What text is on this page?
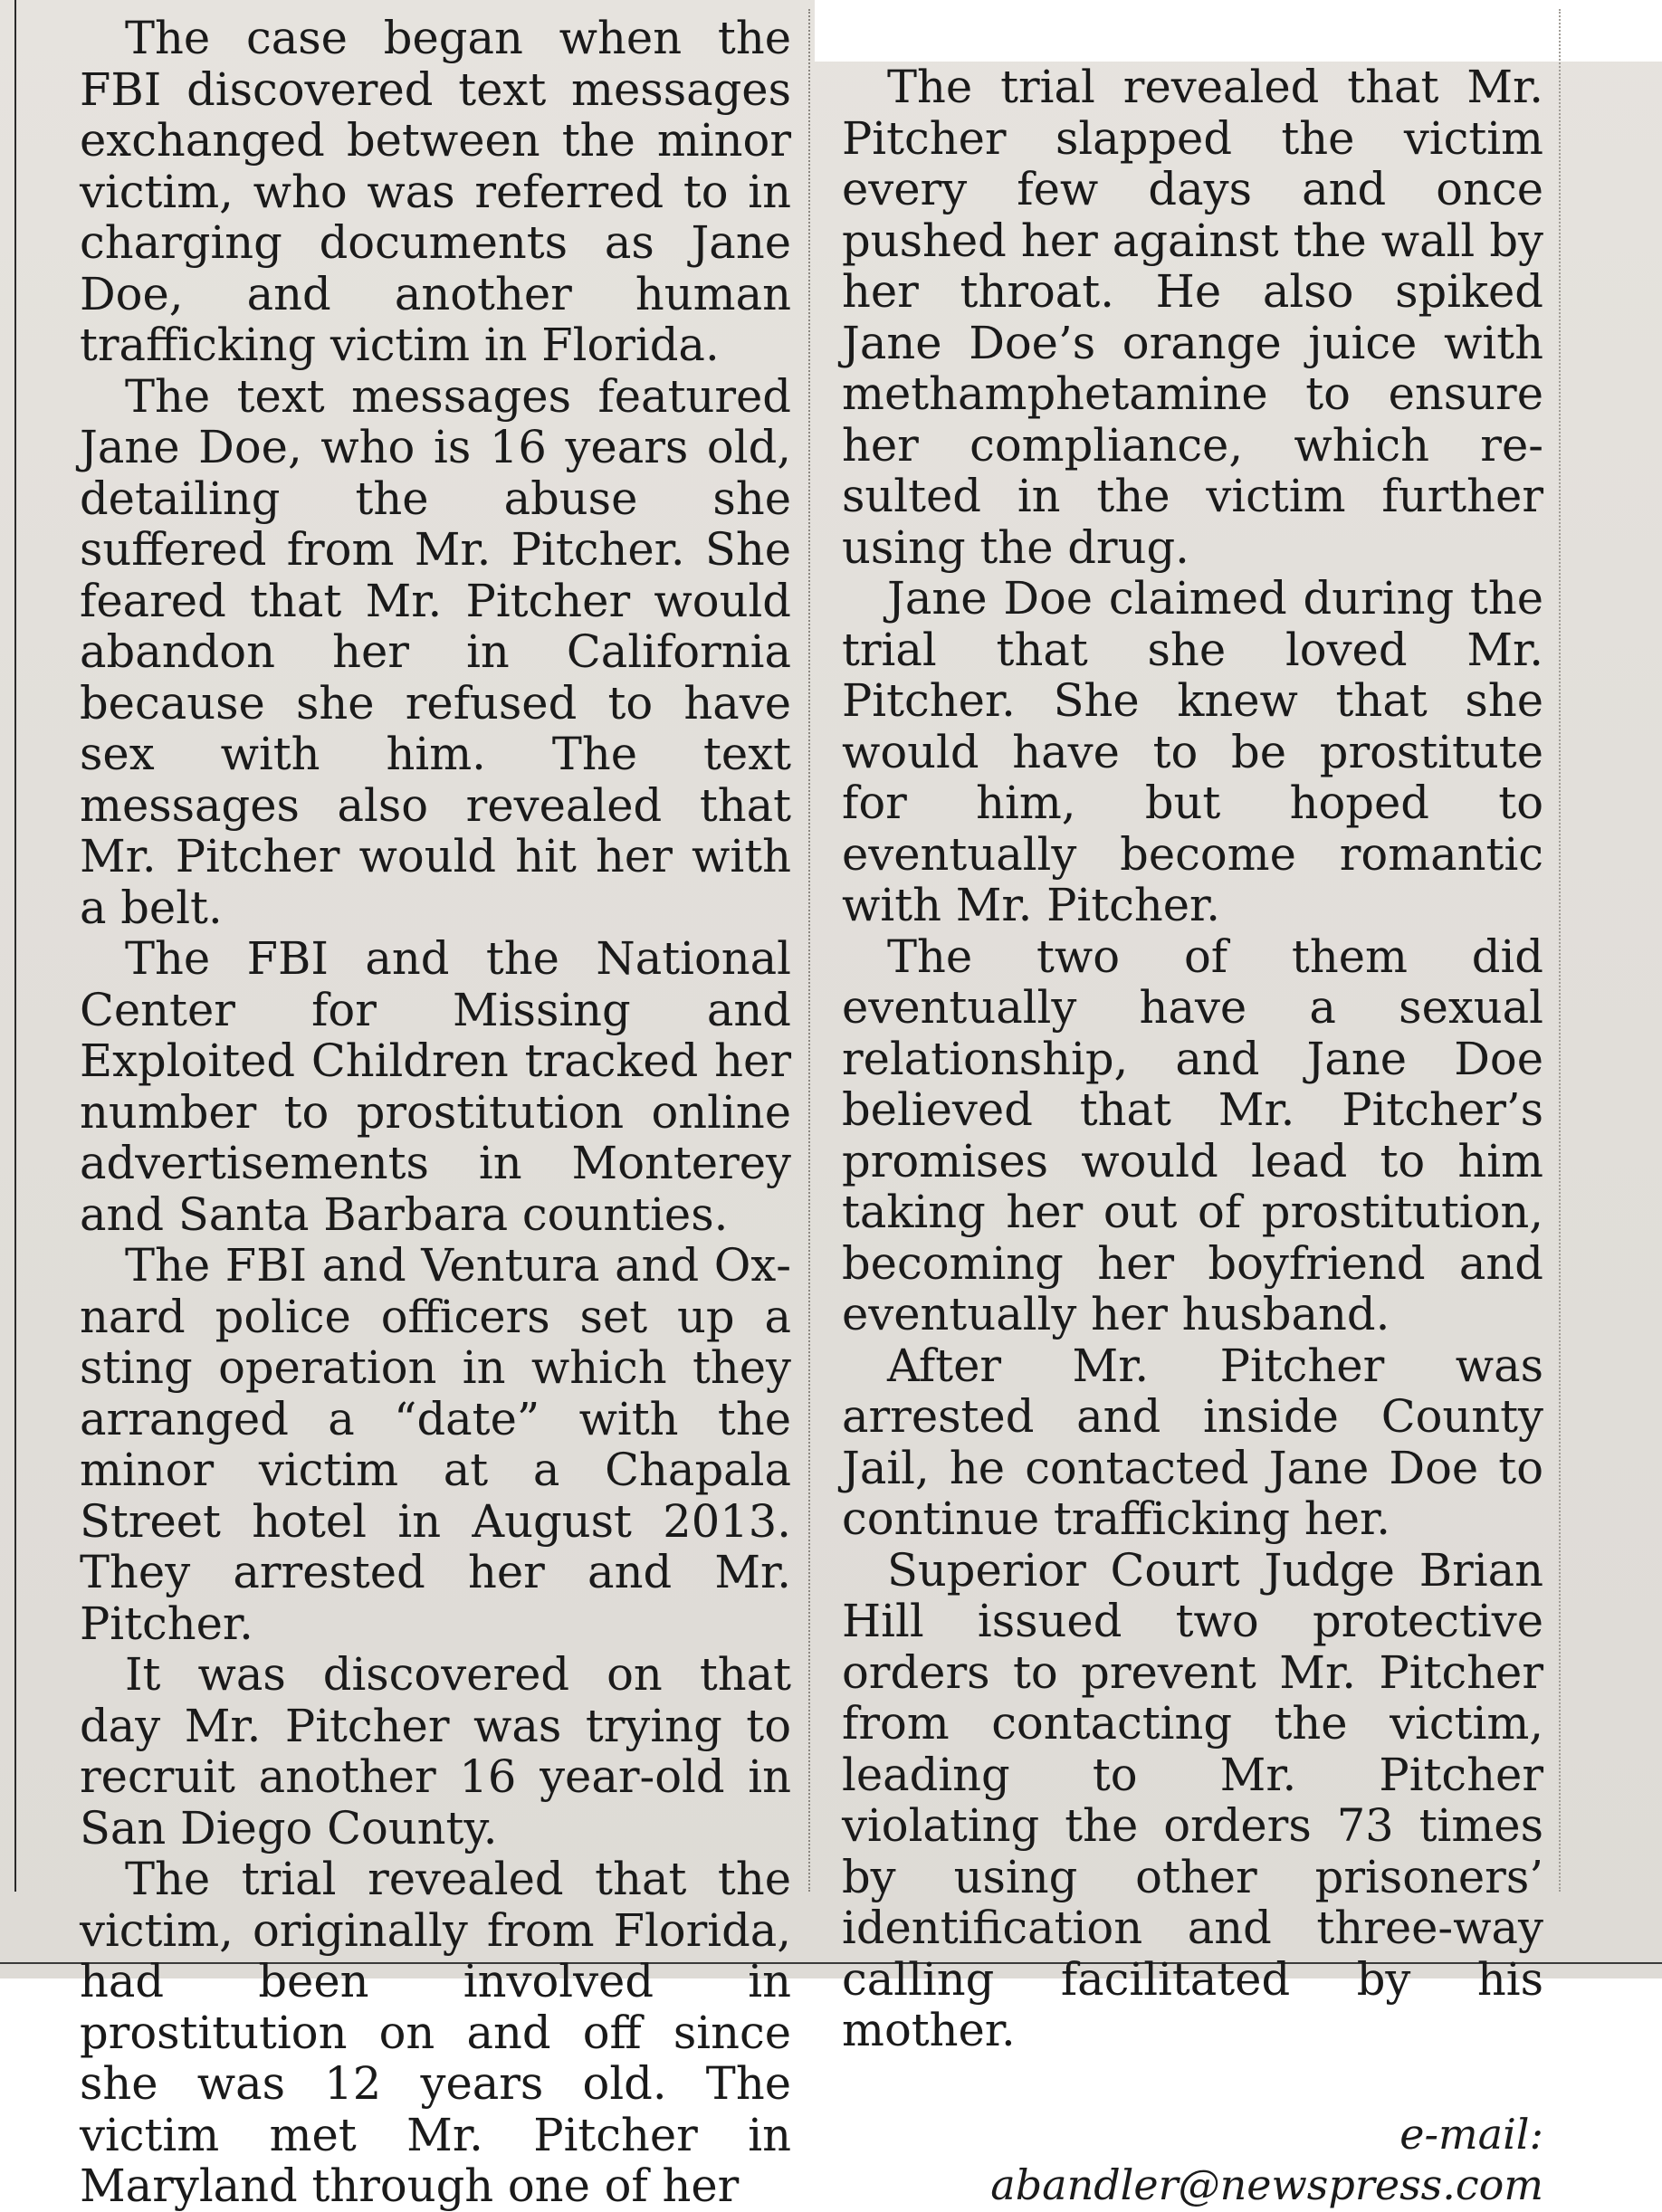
The case began when the FBI discovered text messages exchanged between the minor victim, who was referred to in charging documents as Jane Doe, and another human trafficking victim in Florida.

The text messages featured Jane Doe, who is 16 years old, detailing the abuse she suffered from Mr. Pitcher. She feared that Mr. Pitcher would abandon her in California because she refused to have sex with him. The text messages also revealed that Mr. Pitcher would hit her with a belt.

The FBI and the National Center for Missing and Exploited Children tracked her number to prostitution online advertisements in Monterey and Santa Barbara counties.

The FBI and Ventura and Oxnard police officers set up a sting operation in which they arranged a “date” with the minor victim at a Chapala Street hotel in August 2013. They arrested her and Mr. Pitcher.

It was discovered on that day Mr. Pitcher was trying to recruit another 16 year-old in San Diego County.

The trial revealed that the victim, originally from Florida, had been involved in prostitution on and off since she was 12 years old. The victim met Mr. Pitcher in Maryland through one of her

The trial revealed that Mr. Pitcher slapped the victim every few days and once pushed her against the wall by her throat. He also spiked Jane Doe’s orange juice with methamphetamine to ensure her compliance, which resulted in the victim further using the drug.

Jane Doe claimed during the trial that she loved Mr. Pitcher. She knew that she would have to be prostitute for him, but hoped to eventually become romantic with Mr. Pitcher.

The two of them did eventually have a sexual relationship, and Jane Doe believed that Mr. Pitcher’s promises would lead to him taking her out of prostitution, becoming her boyfriend and eventually her husband.

After Mr. Pitcher was arrested and inside County Jail, he contacted Jane Doe to continue trafficking her.

Superior Court Judge Brian Hill issued two protective orders to prevent Mr. Pitcher from contacting the victim, leading to Mr. Pitcher violating the orders 73 times by using other prisoners’ identification and three-way calling facilitated by his mother.

e-mail: abandler@newspress.com
